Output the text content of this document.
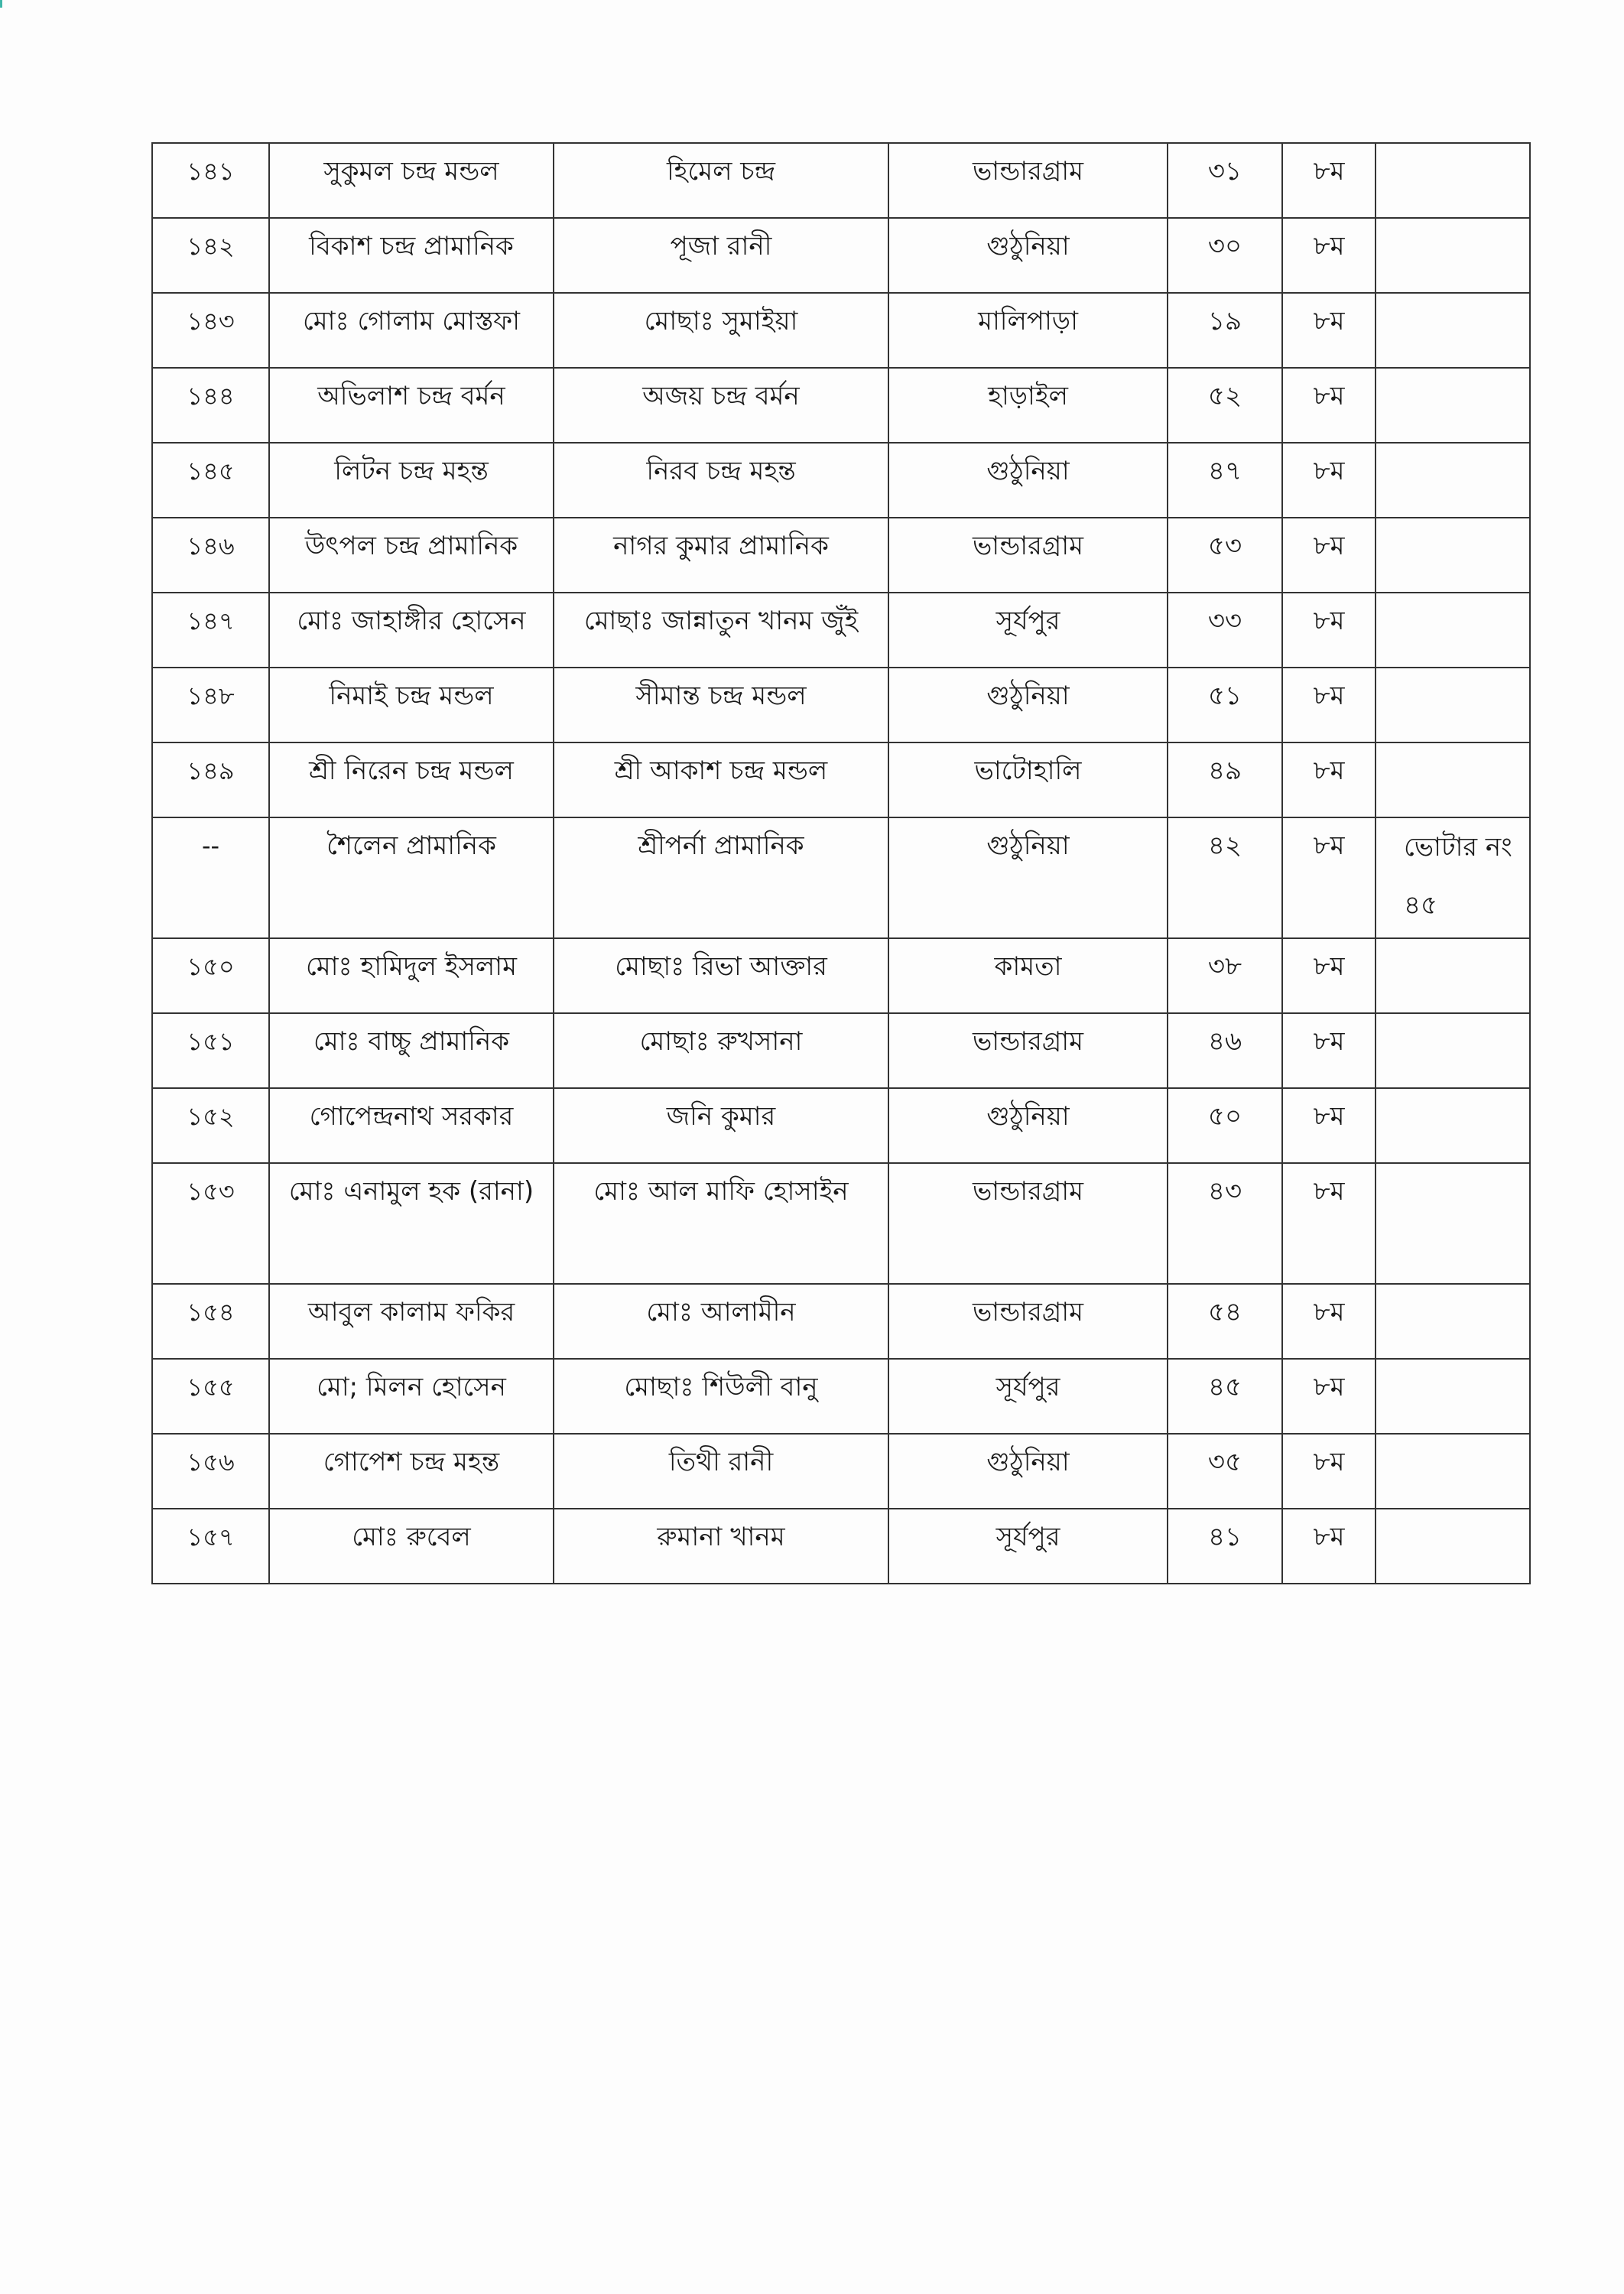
১৪১	সুকুমল চন্দ্র মন্ডল	হিমেল চন্দ্র	ভান্ডারগ্রাম	৩১	৮ম	
১৪২	বিকাশ চন্দ্র প্রামানিক	পূজা রানী	গুঠুনিয়া	৩০	৮ম	
১৪৩	মোঃ গোলাম মোস্তফা	মোছাঃ সুমাইয়া	মালিপাড়া	১৯	৮ম	
১৪৪	অভিলাশ চন্দ্র বর্মন	অজয় চন্দ্র বর্মন	হাড়াইল	৫২	৮ম	
১৪৫	লিটন চন্দ্র মহন্ত	নিরব চন্দ্র মহন্ত	গুঠুনিয়া	৪৭	৮ম	
১৪৬	উৎপল চন্দ্র প্রামানিক	নাগর কুমার প্রামানিক	ভান্ডারগ্রাম	৫৩	৮ম	
১৪৭	মোঃ জাহাঙ্গীর হোসেন	মোছাঃ জান্নাতুন খানম জুঁই	সূর্যপুর	৩৩	৮ম	
১৪৮	নিমাই চন্দ্র মন্ডল	সীমান্ত চন্দ্র মন্ডল	গুঠুনিয়া	৫১	৮ম	
১৪৯	শ্রী নিরেন চন্দ্র মন্ডল	শ্রী আকাশ চন্দ্র মন্ডল	ভাটোহালি	৪৯	৮ম	
--	শৈলেন প্রামানিক	শ্রীপর্না প্রামানিক	গুঠুনিয়া	৪২	৮ম	ভোটার নং ৪৫
১৫০	মোঃ হামিদুল ইসলাম	মোছাঃ রিভা আক্তার	কামতা	৩৮	৮ম	
১৫১	মোঃ বাচ্চু প্রামানিক	মোছাঃ রুখসানা	ভান্ডারগ্রাম	৪৬	৮ম	
১৫২	গোপেন্দ্রনাথ সরকার	জনি কুমার	গুঠুনিয়া	৫০	৮ম	
১৫৩	মোঃ এনামুল হক (রানা)	মোঃ আল মাফি হোসাইন	ভান্ডারগ্রাম	৪৩	৮ম	
১৫৪	আবুল কালাম ফকির	মোঃ আলামীন	ভান্ডারগ্রাম	৫৪	৮ম	
১৫৫	মো; মিলন হোসেন	মোছাঃ শিউলী বানু	সূর্যপুর	৪৫	৮ম	
১৫৬	গোপেশ চন্দ্র মহন্ত	তিথী রানী	গুঠুনিয়া	৩৫	৮ম	
১৫৭	মোঃ রুবেল	রুমানা খানম	সূর্যপুর	৪১	৮ম	
